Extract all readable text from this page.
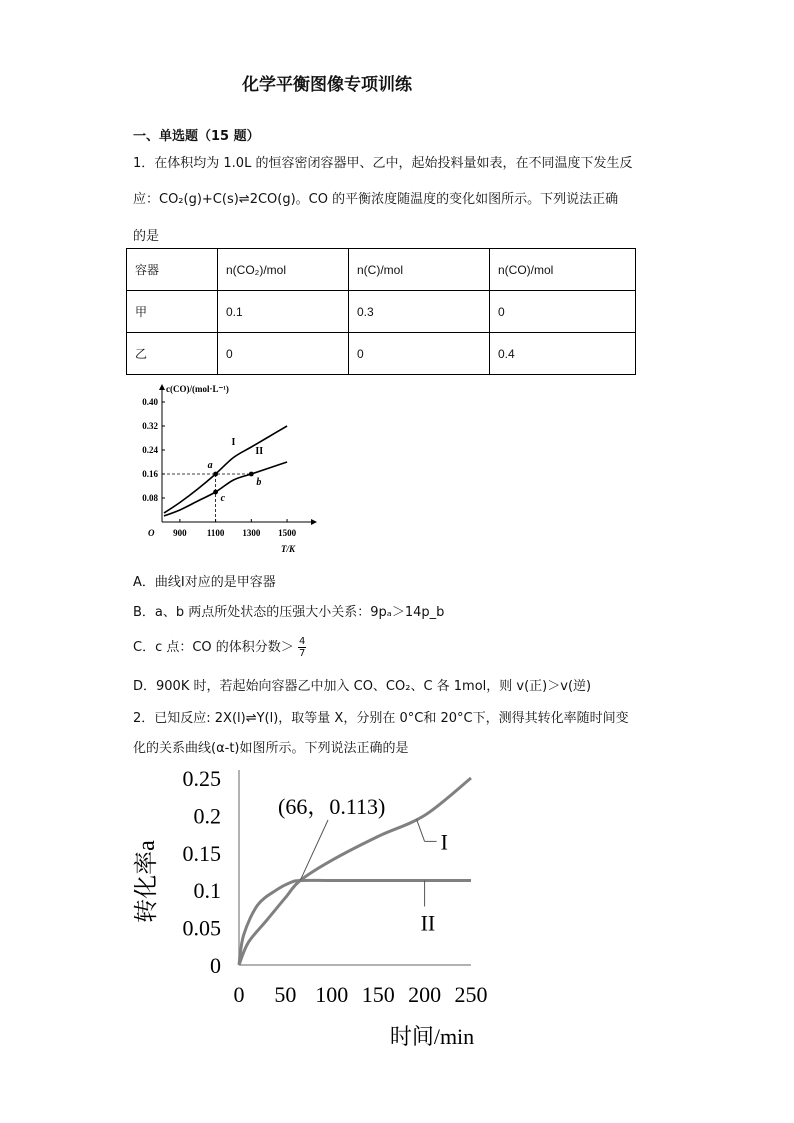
化学平衡图像专项训练
一、单选题（15 题）
1．在体积均为 1.0L 的恒容密闭容器甲、乙中，起始投料量如表，在不同温度下发生反
应：CO₂(g)+C(s)⇌2CO(g)。CO 的平衡浓度随温度的变化如图所示。下列说法正确
的是
容器	n(CO₂)/mol	n(C)/mol	n(CO)/mol
甲	0.1	0.3	0
乙	0	0	0.4
c(CO)/(mol·L⁻¹)
T/K
O 900 1100 1300 1500
0.08
0.16
0.24
0.32
0.40
I
II
a
b
c
A．曲线Ⅰ对应的是甲容器
B．a、b 两点所处状态的压强大小关系：9pₐ＞14p_b
C．c 点：CO 的体积分数＞ $\frac{4}{7}$
D．900K 时，若起始向容器乙中加入 CO、CO₂、C 各 1mol，则 v(正)＞v(逆)
2．已知反应: 2X(l)⇌Y(l)，取等量 X，分别在 0°C和 20°C下，测得其转化率随时间变
化的关系曲线(α-t)如图所示。下列说法正确的是
0
0.05
0.1
0.15
0.2
0.25
0 50 100 150 200 250
转化率a
时间/min
(66，0.113)
I
II
